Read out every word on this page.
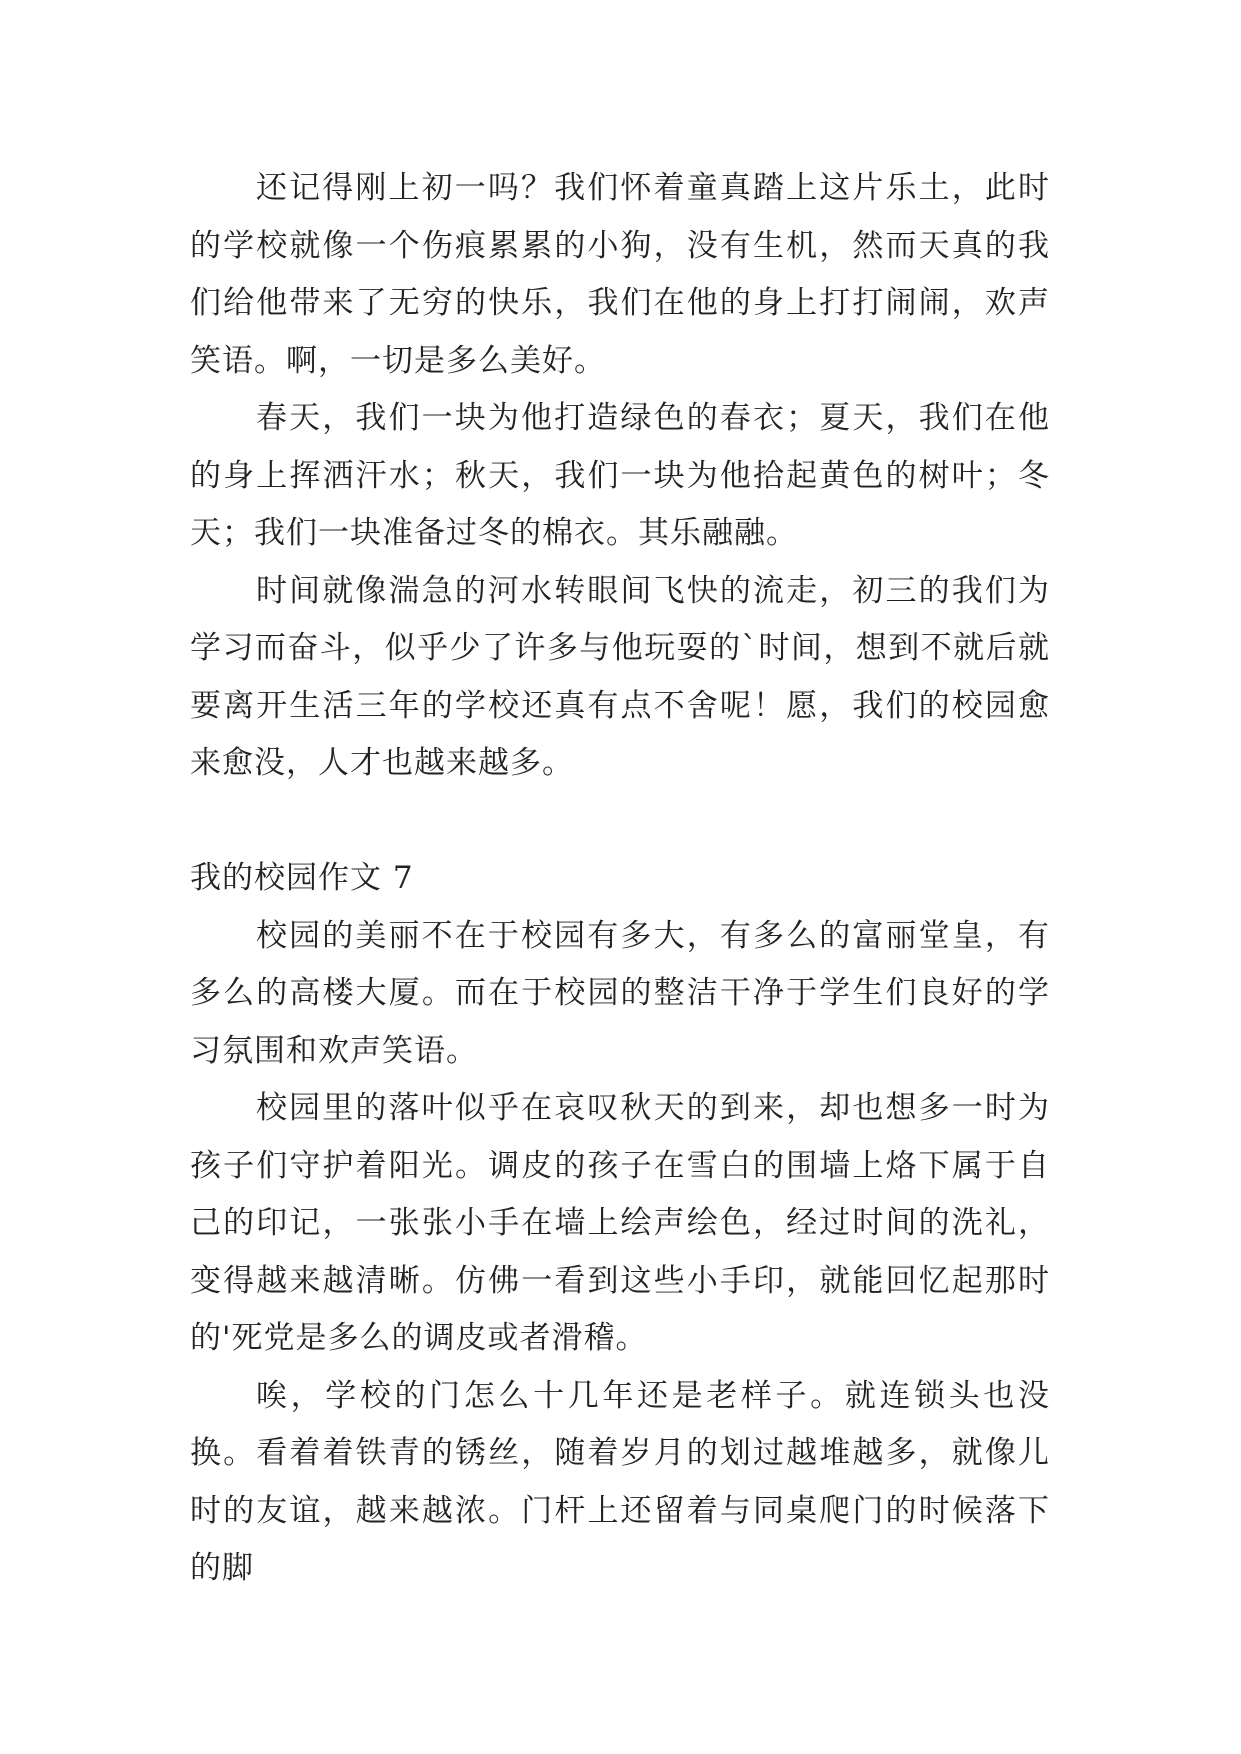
还记得刚上初一吗？我们怀着童真踏上这片乐土，此时的学校就像一个伤痕累累的小狗，没有生机，然而天真的我们给他带来了无穷的快乐，我们在他的身上打打闹闹，欢声笑语。啊，一切是多么美好。

春天，我们一块为他打造绿色的春衣；夏天，我们在他的身上挥洒汗水；秋天，我们一块为他拾起黄色的树叶；冬天；我们一块准备过冬的棉衣。其乐融融。

时间就像湍急的河水转眼间飞快的流走，初三的我们为学习而奋斗，似乎少了许多与他玩耍的`时间，想到不就后就要离开生活三年的学校还真有点不舍呢！愿，我们的校园愈来愈没，人才也越来越多。

我的校园作文 7

校园的美丽不在于校园有多大，有多么的富丽堂皇，有多么的高楼大厦。而在于校园的整洁干净于学生们良好的学习氛围和欢声笑语。

校园里的落叶似乎在哀叹秋天的到来，却也想多一时为孩子们守护着阳光。调皮的孩子在雪白的围墙上烙下属于自己的印记，一张张小手在墙上绘声绘色，经过时间的洗礼，变得越来越清晰。仿佛一看到这些小手印，就能回忆起那时的'死党是多么的调皮或者滑稽。

唉，学校的门怎么十几年还是老样子。就连锁头也没换。看着着铁青的锈丝，随着岁月的划过越堆越多，就像儿时的友谊，越来越浓。门杆上还留着与同桌爬门的时候落下的脚
